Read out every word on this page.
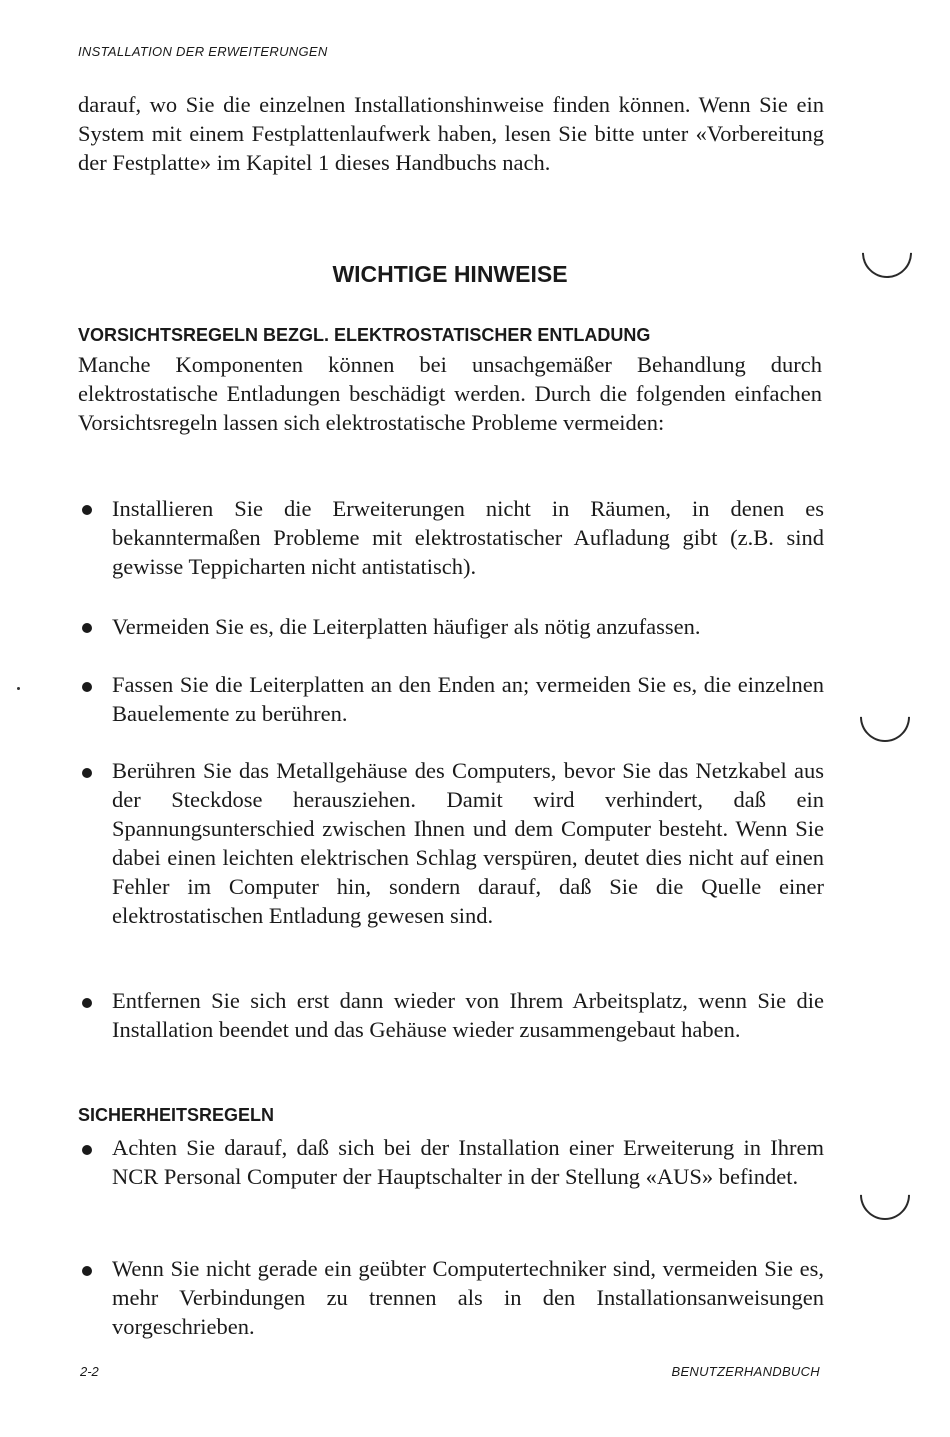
INSTALLATION DER ERWEITERUNGEN

darauf, wo Sie die einzelnen Installationshinweise finden können. Wenn Sie ein System mit einem Festplattenlaufwerk haben, lesen Sie bitte unter «Vorbereitung der Festplatte» im Kapitel 1 dieses Handbuchs nach.

WICHTIGE HINWEISE
VORSICHTSREGELN BEZGL. ELEKTROSTATISCHER ENTLADUNG

Manche Komponenten können bei unsachgemäßer Behandlung durch elektrostatische Entladungen beschädigt werden. Durch die folgenden einfachen Vorsichtsregeln lassen sich elektrostatische Probleme vermeiden:

Installieren Sie die Erweiterungen nicht in Räumen, in denen es bekanntermaßen Probleme mit elektrostatischer Aufladung gibt (z.B. sind gewisse Teppicharten nicht antistatisch).

Vermeiden Sie es, die Leiterplatten häufiger als nötig anzufassen.

Fassen Sie die Leiterplatten an den Enden an; vermeiden Sie es, die einzelnen Bauelemente zu berühren.

Berühren Sie das Metallgehäuse des Computers, bevor Sie das Netzkabel aus der Steckdose herausziehen. Damit wird verhindert, daß ein Spannungsunterschied zwischen Ihnen und dem Computer besteht. Wenn Sie dabei einen leichten elektrischen Schlag verspüren, deutet dies nicht auf einen Fehler im Computer hin, sondern darauf, daß Sie die Quelle einer elektrostatischen Entladung gewesen sind.

Entfernen Sie sich erst dann wieder von Ihrem Arbeitsplatz, wenn Sie die Installation beendet und das Gehäuse wieder zusammengebaut haben.

SICHERHEITSREGELN

Achten Sie darauf, daß sich bei der Installation einer Erweiterung in Ihrem NCR Personal Computer der Hauptschalter in der Stellung «AUS» befindet.

Wenn Sie nicht gerade ein geübter Computertechniker sind, vermeiden Sie es, mehr Verbindungen zu trennen als in den Installationsanweisungen vorgeschrieben.

2-2	BENUTZERHANDBUCH
